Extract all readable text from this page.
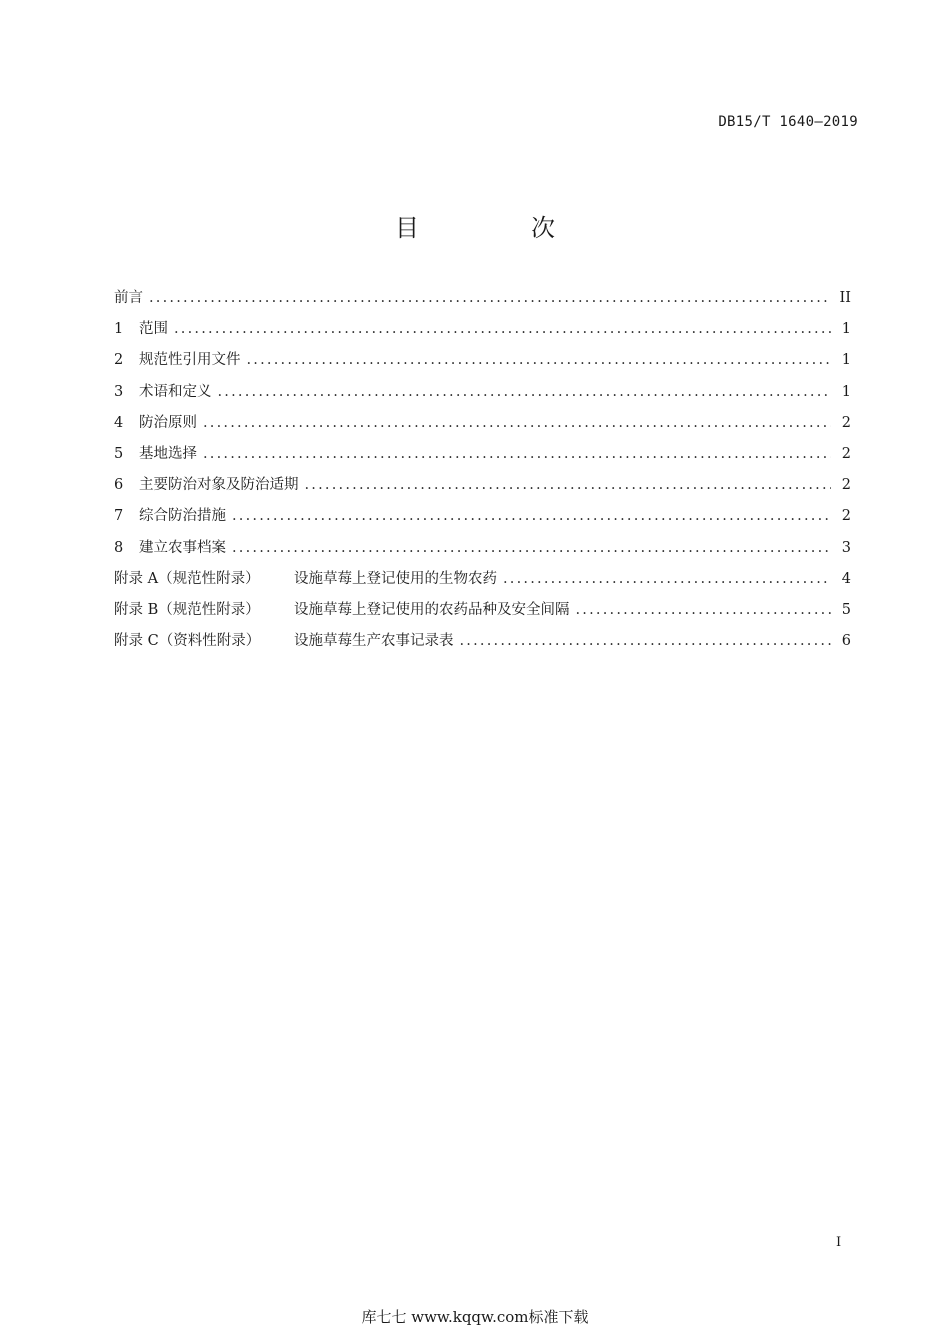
DB15/T 1640—2019
目　次
前言 .....	II
1	范围 .....	1
2	规范性引用文件 .....	1
3	术语和定义 .....	1
4	防治原则 .....	2
5	基地选择 .....	2
6	主要防治对象及防治适期 .....	2
7	综合防治措施 .....	2
8	建立农事档案 .....	3
附录 A（规范性附录）	设施草莓上登记使用的生物农药 .....	4
附录 B（规范性附录）	设施草莓上登记使用的农药品种及安全间隔 .....	5
附录 C（资料性附录）	设施草莓生产农事记录表 .....	6
I
库七七 www.kqqw.com标准下载
